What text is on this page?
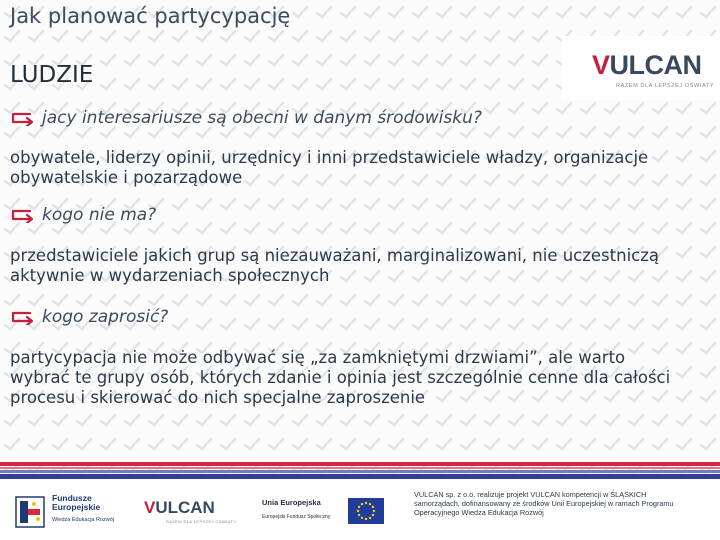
Jak planować partycypację
VULCAN
RAZEM DLA LEPSZEJ OŚWIATY
LUDZIE
jacy interesariusze są obecni w danym środowisku?
obywatele, liderzy opinii, urzędnicy i inni przedstawiciele władzy, organizacje
obywatelskie i pozarządowe
kogo nie ma?
przedstawiciele jakich grup są niezauważani, marginalizowani, nie uczestniczą
aktywnie w wydarzeniach społecznych
kogo zaprosić?
partycypacja nie może odbywać się „za zamkniętymi drzwiami”, ale warto
wybrać te grupy osób, których zdanie i opinia jest szczególnie cenne dla całości
procesu i skierować do nich specjalne zaproszenie
Fundusze
Europejskie
Wiedza Edukacja Rozwój
VULCAN
RAZEM DLA LEPSZEJ OŚWIATY
Unia Europejska
Europejski Fundusz Społeczny
VULCAN sp. z o.o. realizuje projekt VULCAN kompetencji w ŚLĄSKICH
samorządach, dofinansowany ze środków Unii Europejskiej w ramach Programu
Operacyjnego Wiedza Edukacja Rozwój
